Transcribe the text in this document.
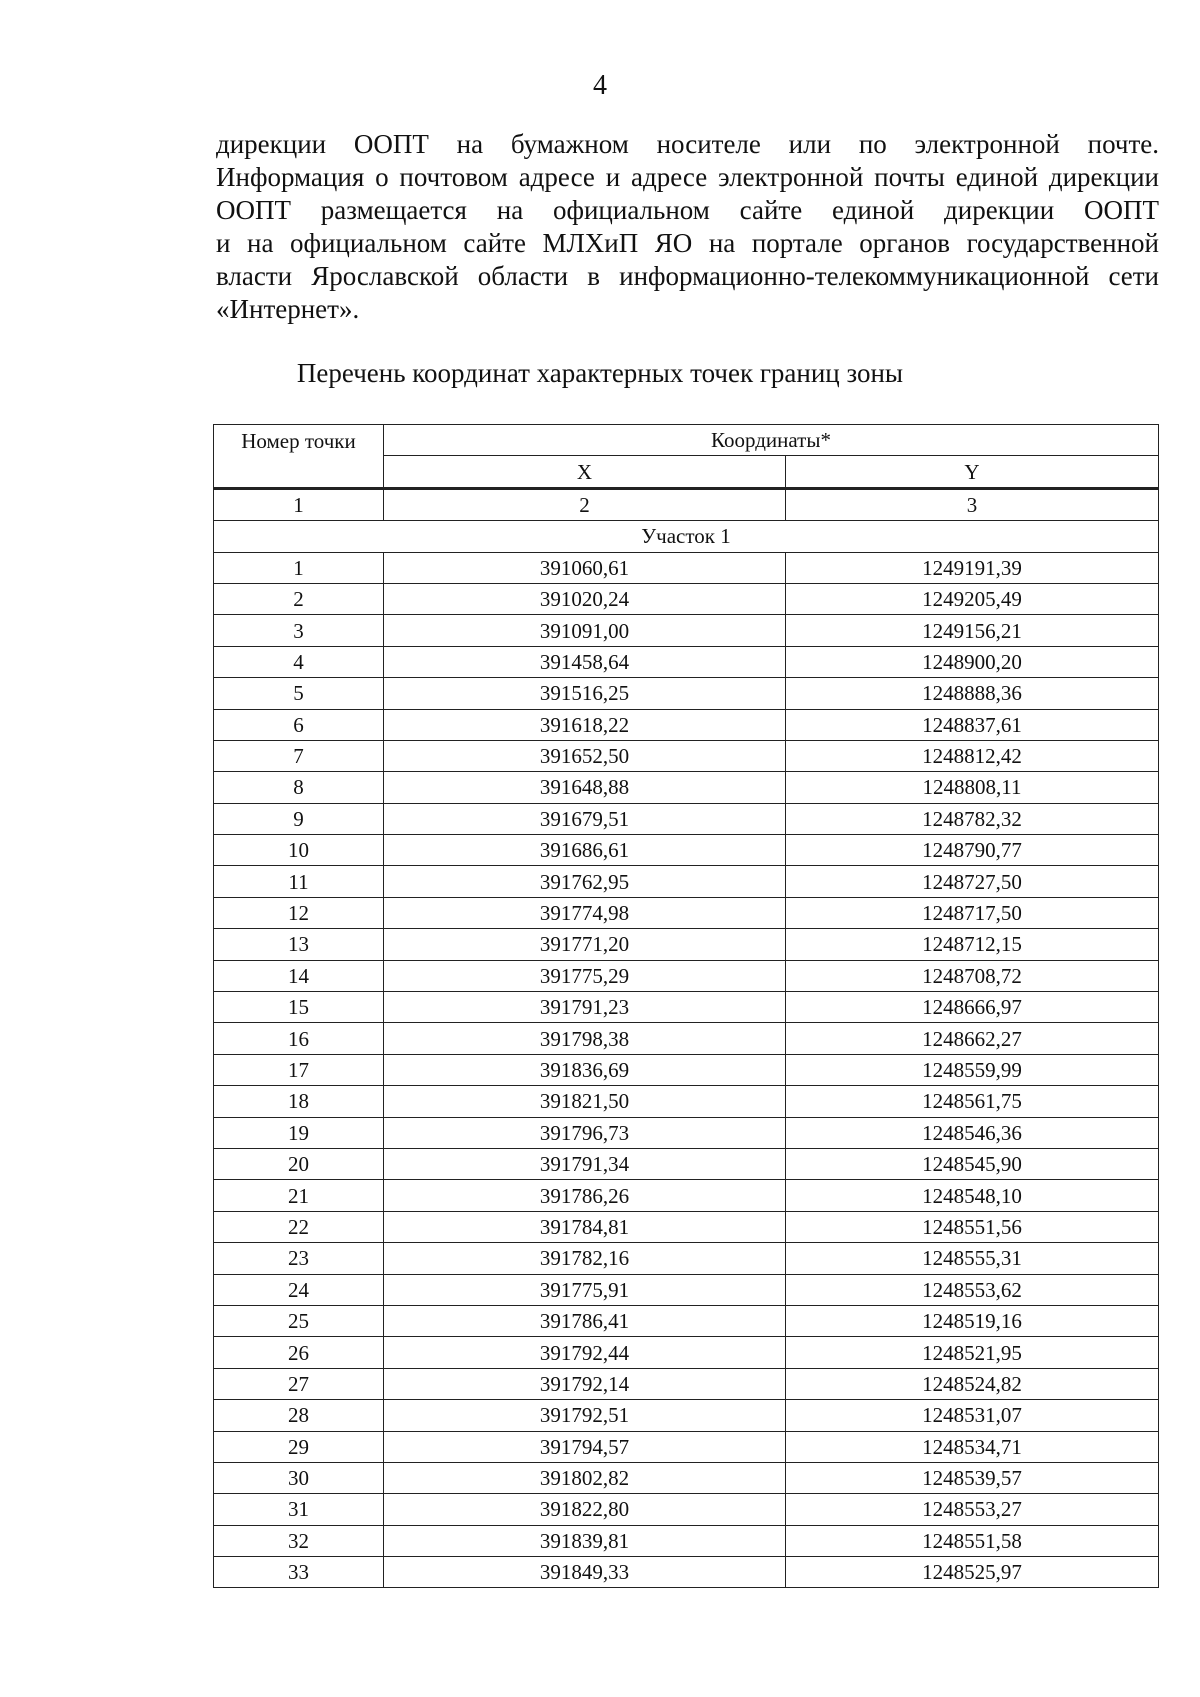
4

дирекции ООПТ на бумажном носителе или по электронной почте.
Информация о почтовом адресе и адресе электронной почты единой дирекции
ООПТ размещается на официальном сайте единой дирекции ООПТ
и на официальном сайте МЛХиП ЯО на портале органов государственной
власти Ярославской области в информационно-телекоммуникационной сети
«Интернет».

Перечень координат характерных точек границ зоны
Номер точки	Координаты*	
	X	Y
1	2	3
Участок 1		
1	391060,61	1249191,39
2	391020,24	1249205,49
3	391091,00	1249156,21
4	391458,64	1248900,20
5	391516,25	1248888,36
6	391618,22	1248837,61
7	391652,50	1248812,42
8	391648,88	1248808,11
9	391679,51	1248782,32
10	391686,61	1248790,77
11	391762,95	1248727,50
12	391774,98	1248717,50
13	391771,20	1248712,15
14	391775,29	1248708,72
15	391791,23	1248666,97
16	391798,38	1248662,27
17	391836,69	1248559,99
18	391821,50	1248561,75
19	391796,73	1248546,36
20	391791,34	1248545,90
21	391786,26	1248548,10
22	391784,81	1248551,56
23	391782,16	1248555,31
24	391775,91	1248553,62
25	391786,41	1248519,16
26	391792,44	1248521,95
27	391792,14	1248524,82
28	391792,51	1248531,07
29	391794,57	1248534,71
30	391802,82	1248539,57
31	391822,80	1248553,27
32	391839,81	1248551,58
33	391849,33	1248525,97
